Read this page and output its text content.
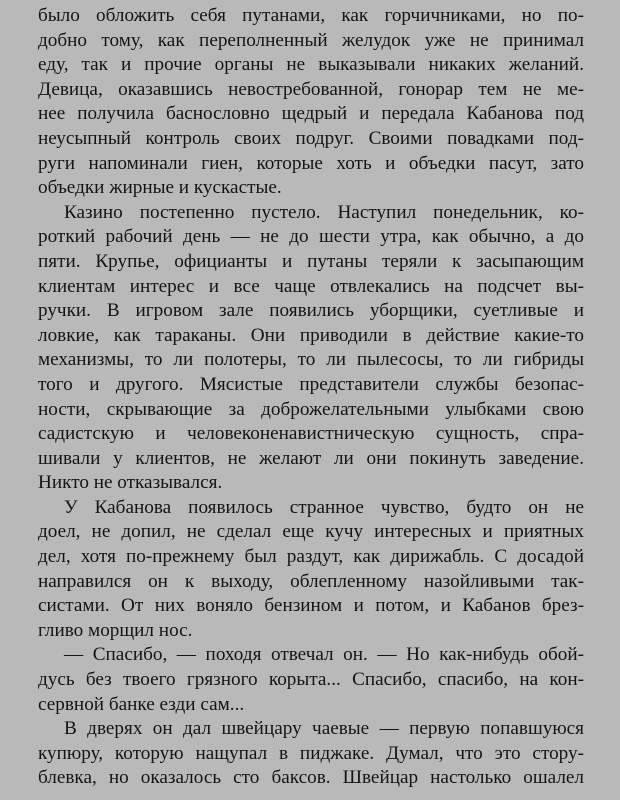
было обложить себя путанами, как горчичниками, но по-
добно тому, как переполненный желудок уже не принимал
еду, так и прочие органы не выказывали никаких желаний.
Девица, оказавшись невостребованной, гонорар тем не ме-
нее получила баснословно щедрый и передала Кабанова под
неусыпный контроль своих подруг. Своими повадками под-
руги напоминали гиен, которые хоть и объедки пасут, зато
объедки жирные и кускастые.
Казино постепенно пустело. Наступил понедельник, ко-
роткий рабочий день — не до шести утра, как обычно, а до
пяти. Крупье, официанты и путаны теряли к засыпающим
клиентам интерес и все чаще отвлекались на подсчет вы-
ручки. В игровом зале появились уборщики, суетливые и
ловкие, как тараканы. Они приводили в действие какие-то
механизмы, то ли полотеры, то ли пылесосы, то ли гибриды
того и другого. Мясистые представители службы безопас-
ности, скрывающие за доброжелательными улыбками свою
садистскую и человеконенавистническую сущность, спра-
шивали у клиентов, не желают ли они покинуть заведение.
Никто не отказывался.
У Кабанова появилось странное чувство, будто он не
доел, не допил, не сделал еще кучу интересных и приятных
дел, хотя по-прежнему был раздут, как дирижабль. С досадой
направился он к выходу, облепленному назойливыми так-
систами. От них воняло бензином и потом, и Кабанов брез-
гливо морщил нос.
— Спасибо, — походя отвечал он. — Но как-нибудь обой-
дусь без твоего грязного корыта... Спасибо, спасибо, на кон-
сервной банке езди сам...
В дверях он дал швейцару чаевые — первую попавшуюся
купюру, которую нащупал в пиджаке. Думал, что это стору-
блевка, но оказалось сто баксов. Швейцар настолько ошалел
